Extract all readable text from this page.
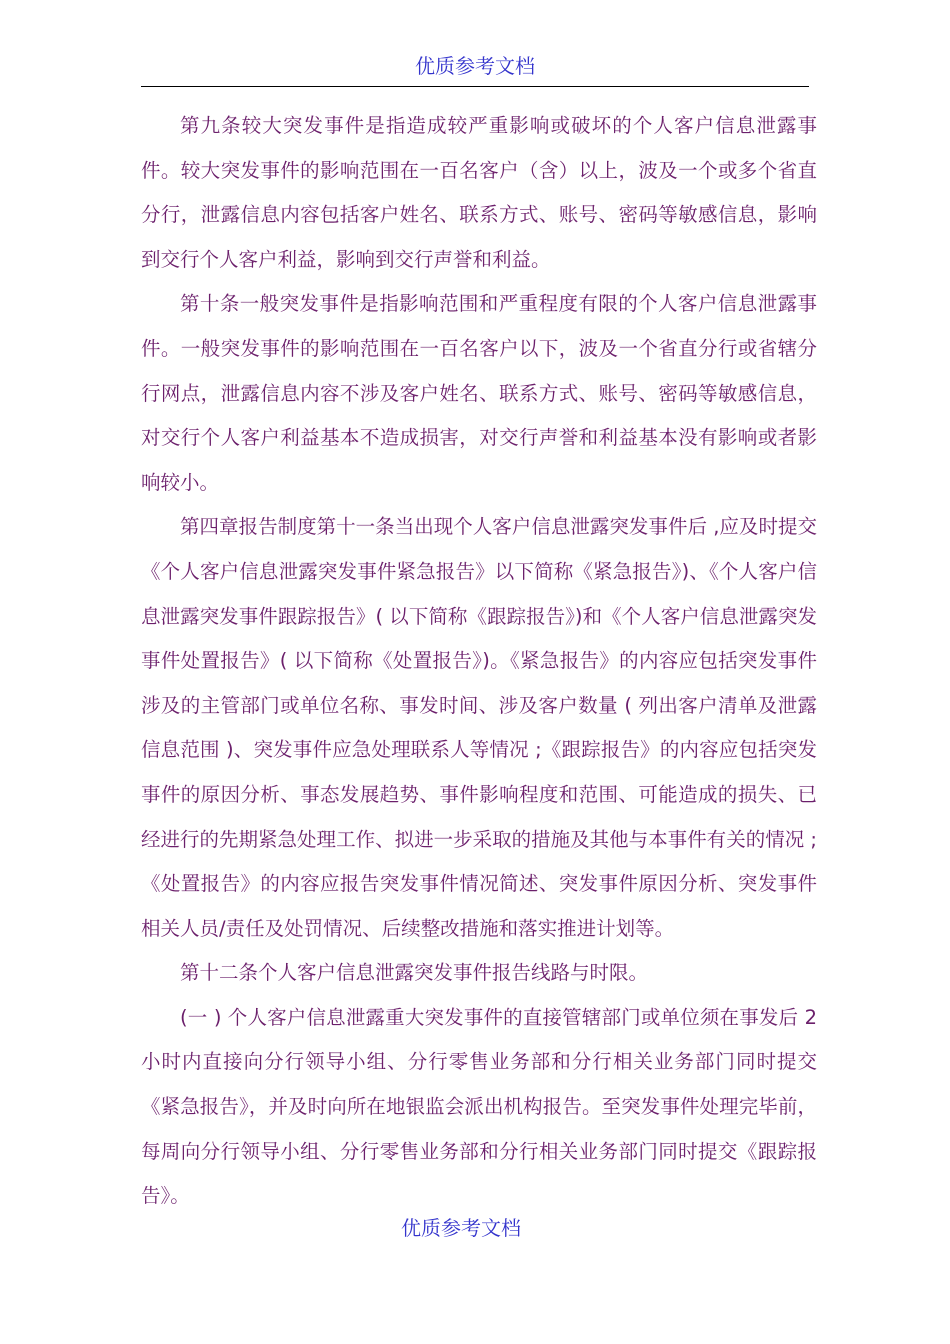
优质参考文档

第九条较大突发事件是指造成较严重影响或破坏的个人客户信息泄露事件。较大突发事件的影响范围在一百名客户（含）以上，波及一个或多个省直分行，泄露信息内容包括客户姓名、联系方式、账号、密码等敏感信息，影响到交行个人客户利益，影响到交行声誉和利益。

第十条一般突发事件是指影响范围和严重程度有限的个人客户信息泄露事件。一般突发事件的影响范围在一百名客户以下，波及一个省直分行或省辖分行网点，泄露信息内容不涉及客户姓名、联系方式、账号、密码等敏感信息，对交行个人客户利益基本不造成损害，对交行声誉和利益基本没有影响或者影响较小。

第四章报告制度第十一条当出现个人客户信息泄露突发事件后 ,应及时提交《个人客户信息泄露突发事件紧急报告》以下简称《紧急报告》)、《个人客户信息泄露突发事件跟踪报告》( 以下简称《跟踪报告》)和《个人客户信息泄露突发事件处置报告》( 以下简称《处置报告》)。《紧急报告》的内容应包括突发事件涉及的主管部门或单位名称、事发时间、涉及客户数量 ( 列出客户清单及泄露信息范围 )、突发事件应急处理联系人等情况 ;《跟踪报告》的内容应包括突发事件的原因分析、事态发展趋势、事件影响程度和范围、可能造成的损失、已经进行的先期紧急处理工作、拟进一步采取的措施及其他与本事件有关的情况 ;《处置报告》的内容应报告突发事件情况简述、突发事件原因分析、突发事件相关人员/责任及处罚情况、后续整改措施和落实推进计划等。

第十二条个人客户信息泄露突发事件报告线路与时限。

(一 ) 个人客户信息泄露重大突发事件的直接管辖部门或单位须在事发后 2小时内直接向分行领导小组、分行零售业务部和分行相关业务部门同时提交《紧急报告》，并及时向所在地银监会派出机构报告。至突发事件处理完毕前，每周向分行领导小组、分行零售业务部和分行相关业务部门同时提交《跟踪报告》。

优质参考文档
